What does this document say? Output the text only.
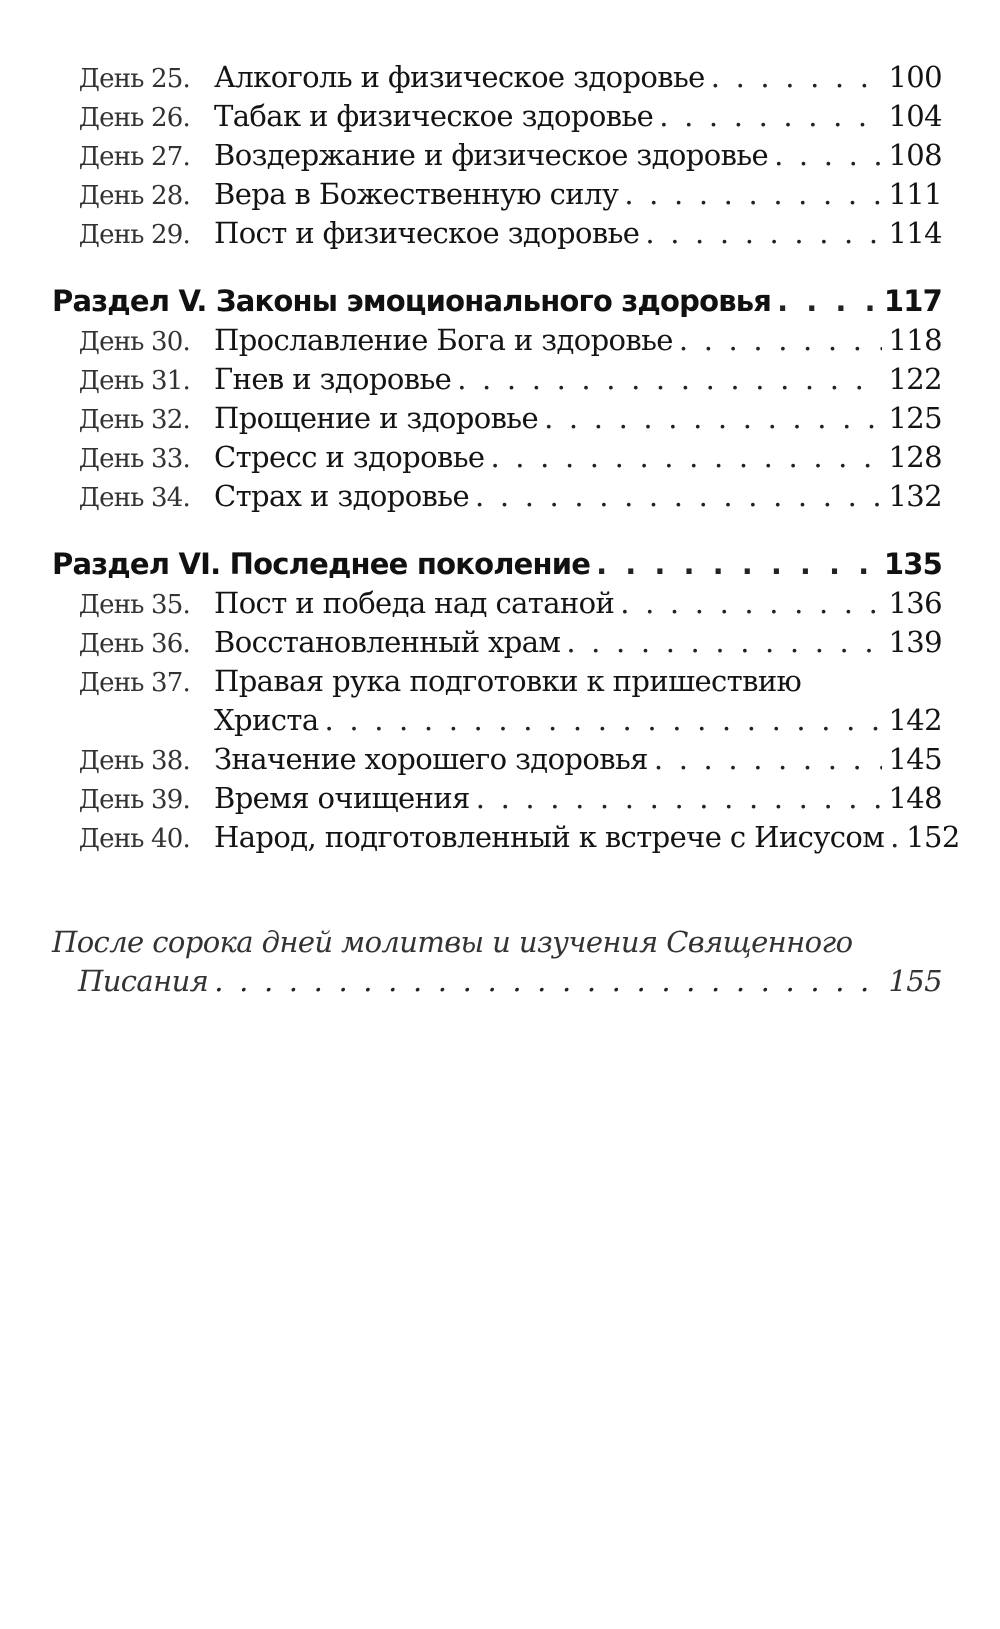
День 25. Алкоголь и физическое здоровье . . .	100
День 26. Табак и физическое здоровье . . .	104
День 27. Воздержание и физическое здоровье . . .	108
День 28. Вера в Божественную силу . . .	111
День 29. Пост и физическое здоровье . . .	114
Раздел V. Законы эмоционального здоровья . . .	117
День 30. Прославление Бога и здоровье . . .	118
День 31. Гнев и здоровье . . .	122
День 32. Прощение и здоровье . . .	125
День 33. Стресс и здоровье . . .	128
День 34. Страх и здоровье . . .	132
Раздел VI. Последнее поколение . . .	135
День 35. Пост и победа над сатаной . . .	136
День 36. Восстановленный храм . . .	139
День 37. Правая рука подготовки к пришествию
Христа . . .	142
День 38. Значение хорошего здоровья . . .	145
День 39. Время очищения . . .	148
День 40. Народ, подготовленный к встрече с Иисусом . . . 152
После сорока дней молитвы и изучения Священного
Писания . . .	155
